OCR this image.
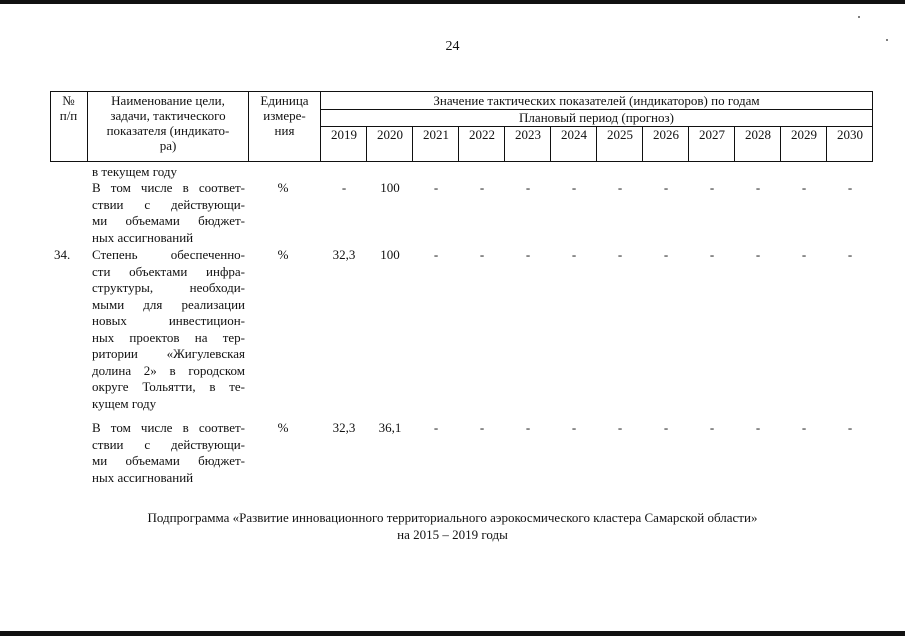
24
№
п/п
Наименование цели,
задачи, тактического
показателя (индикато-
ра)
Единица
измере-
ния
Значение тактических показателей (индикаторов) по годам
Плановый период (прогноз)
2019	2020	2021	2022	2023	2024	2025	2026	2027	2028	2029	2030
в текущем году
В том числе в соответ-
ствии с действующи-
ми объемами бюджет-
ных ассигнований
%	-	100	-	-	-	-	-	-	-	-	-	-
34. Степень обеспеченно-
сти объектами инфра-
структуры, необходи-
мыми для реализации
новых инвестицион-
ных проектов на тер-
ритории «Жигулевская
долина 2» в городском
округе Тольятти, в те-
кущем году
%	32,3	100	-	-	-	-	-	-	-	-	-	-
В том числе в соответ-
ствии с действующи-
ми объемами бюджет-
ных ассигнований
%	32,3	36,1	-	-	-	-	-	-	-	-	-	-
Подпрограмма «Развитие инновационного территориального аэрокосмического кластера Самарской области»
на 2015 – 2019 годы
